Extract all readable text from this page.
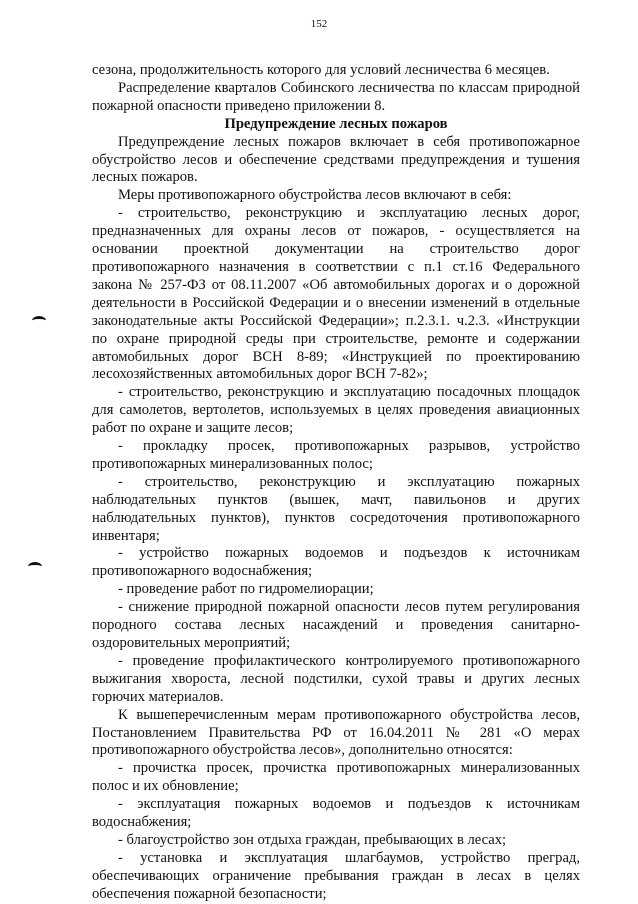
152

сезона, продолжительность которого для условий лесничества 6 месяцев.

Распределение кварталов Собинского лесничества по классам природной пожарной опасности приведено приложении 8.

Предупреждение лесных пожаров

Предупреждение лесных пожаров включает в себя противопожарное обустройство лесов и обеспечение средствами предупреждения и тушения лесных пожаров.

Меры противопожарного обустройства лесов включают в себя:

- строительство, реконструкцию и эксплуатацию лесных дорог, предназначенных для охраны лесов от пожаров, - осуществляется на основании проектной документации на строительство дорог противопожарного назначения в соответствии с п.1 ст.16 Федерального закона № 257-ФЗ от 08.11.2007 «Об автомобильных дорогах и о дорожной деятельности в Российской Федерации и о внесении изменений в отдельные законодательные акты Российской Федерации»; п.2.3.1. ч.2.3. «Инструкции по охране природной среды при строительстве, ремонте и содержании автомобильных дорог ВСН 8-89; «Инструкцией по проектированию лесохозяйственных автомобильных дорог ВСН 7-82»;

- строительство, реконструкцию и эксплуатацию посадочных площадок для самолетов, вертолетов, используемых в целях проведения авиационных работ по охране и защите лесов;

- прокладку просек, противопожарных разрывов, устройство противопожарных минерализованных полос;

- строительство, реконструкцию и эксплуатацию пожарных наблюдательных пунктов (вышек, мачт, павильонов и других наблюдательных пунктов), пунктов сосредоточения противопожарного инвентаря;

- устройство пожарных водоемов и подъездов к источникам противопожарного водоснабжения;

- проведение работ по гидромелиорации;

- снижение природной пожарной опасности лесов путем регулирования породного состава лесных насаждений и проведения санитарно-оздоровительных мероприятий;

- проведение профилактического контролируемого противопожарного выжигания хвороста, лесной подстилки, сухой травы и других лесных горючих материалов.

К вышеперечисленным мерам противопожарного обустройства лесов, Постановлением Правительства РФ от 16.04.2011 № 281 «О мерах противопожарного обустройства лесов», дополнительно относятся:

- прочистка просек, прочистка противопожарных минерализованных полос и их обновление;

- эксплуатация пожарных водоемов и подъездов к источникам водоснабжения;

- благоустройство зон отдыха граждан, пребывающих в лесах;

- установка и эксплуатация шлагбаумов, устройство преград, обеспечивающих ограничение пребывания граждан в лесах в целях обеспечения пожарной безопасности;
